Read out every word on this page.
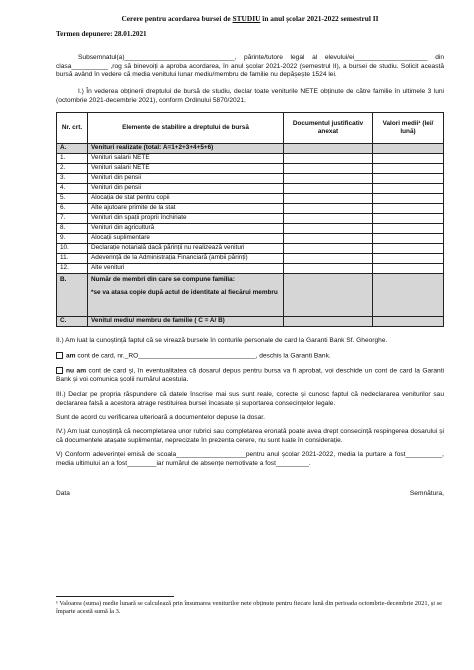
Cerere pentru acordarea bursei de STUDIU în anul școlar 2021-2022 semestrul II
Termen depunere: 28.01.2021

Subsemnatul(a)______________________________, părinte/tutore legal al elevului/ei____________________ din clasa__________ ,rog să binevoiți a aproba acordarea, în anul școlar 2021-2022 (semestrul II), a bursei de studiu. Solicit această bursă având în vedere că media venitului lunar mediu/membru de familie nu depășește 1524 lei.

I.) În vederea obținerii dreptului de bursă de studiu, declar toate veniturile NETE obținute de către familie în ultimele 3 luni (octombrie 2021-decembrie 2021), conform Ordinului 5870/2021.

Nr. crt.	Elemente de stabilire a dreptului de bursă	Documentul justificativ anexat	Valori medii¹ (lei/ lună)
A.	Venituri realizate (total: A=1+2+3+4+5+6)		

1.	Venituri salarii NETE		

2.	Venituri salarii NETE		

3.	Venituri din pensii		

4.	Venituri din pensii		

5.	Alocația de stat pentru copii		

6.	Alte ajutoare primite de la stat		

7.	Venituri din spații proprii închiriate		

8.	Venituri din agricultură		

9.	Alocații suplimentare		

10.	Declarație notarială dacă părinții nu realizează venituri		

11.	Adeverință de la Administrația Financiară (ambii părinți)		

12.	Alte venituri		

B.	Număr de membri din care se compune familia:
*se va atasa copie după actul de identitate al fiecărui membru		

C.	Venitul mediu/ membru de familie ( C = A/ B)		

II.) Am luat la cunoștință faptul că se virează bursele în conturile personale de card la Garanti Bank Sf. Gheorghe.

am cont de card, nr._RO________________________________, deschis la Garanti Bank.

nu am cont de card și, în eventualitatea că dosarul depus pentru bursa va fi aprobat, voi deschide un cont de card la Garanti Bank și voi comunica școlii numărul acestuia.

III.) Declar pe propria răspundere că datele înscrise mai sus sunt reale, corecte și cunosc faptul că nedeclararea veniturilor sau declararea falsă a acestora atrage restituirea bursei încasate și suportarea consecințelor legale.

Sunt de acord cu verificarea ulterioară a documentelor depuse la dosar.

IV.) Am luat cunoștință că necompletarea unor rubrici sau completarea eronată poate avea drept consecință respingerea dosarului și că documentele atașate suplimentar, neprecizate în prezenta cerere, nu sunt luate în considerație.

V) Conform adeverinței emisă de scoala___________________pentru anul școlar 2021-2022, media la purtare a fost__________, media ultimului an a fost________iar numărul de absențe nemotivate a fost_________.

Data	Semnătura,
¹ Valoarea (suma) medie lunară se calculează prin însumarea veniturilor nete obținute pentru fiecare lună din perioada octombrie-decembrie 2021, și se împarte acestă sumă la 3.
